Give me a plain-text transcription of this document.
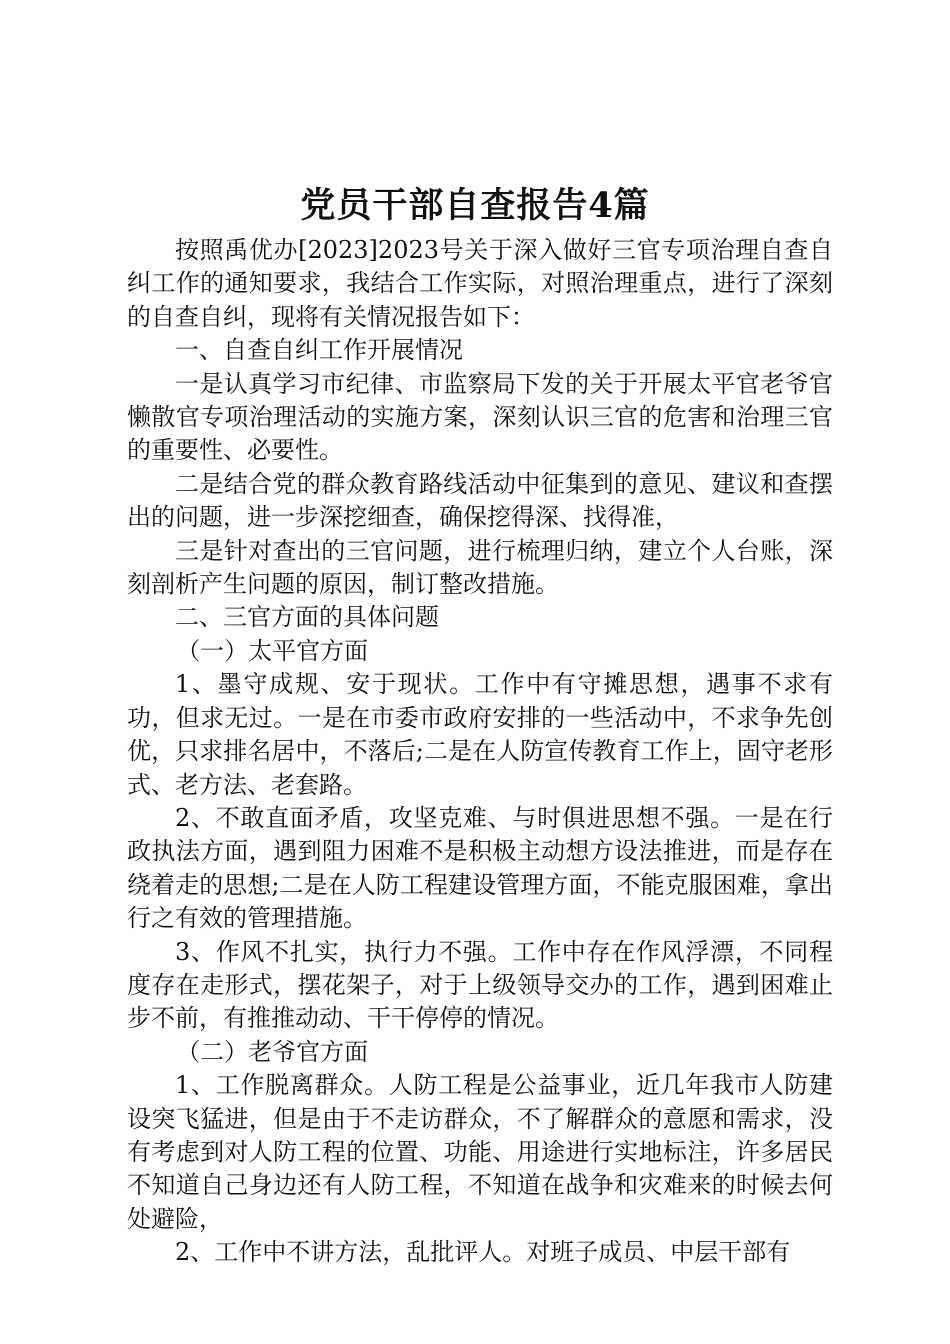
党员干部自查报告4篇

按照禹优办[2023]2023号关于深入做好三官专项治理自查自纠工作的通知要求，我结合工作实际，对照治理重点，进行了深刻的自查自纠，现将有关情况报告如下：

一、自查自纠工作开展情况

一是认真学习市纪律、市监察局下发的关于开展太平官老爷官懒散官专项治理活动的实施方案，深刻认识三官的危害和治理三官的重要性、必要性。

二是结合党的群众教育路线活动中征集到的意见、建议和查摆出的问题，进一步深挖细查，确保挖得深、找得准，

三是针对查出的三官问题，进行梳理归纳，建立个人台账，深刻剖析产生问题的原因，制订整改措施。

二、三官方面的具体问题

（一）太平官方面

1、墨守成规、安于现状。工作中有守摊思想，遇事不求有功，但求无过。一是在市委市政府安排的一些活动中，不求争先创优，只求排名居中，不落后;二是在人防宣传教育工作上，固守老形式、老方法、老套路。

2、不敢直面矛盾，攻坚克难、与时俱进思想不强。一是在行政执法方面，遇到阻力困难不是积极主动想方设法推进，而是存在绕着走的思想;二是在人防工程建设管理方面，不能克服困难，拿出行之有效的管理措施。

3、作风不扎实，执行力不强。工作中存在作风浮漂，不同程度存在走形式，摆花架子，对于上级领导交办的工作，遇到困难止步不前，有推推动动、干干停停的情况。

（二）老爷官方面

1、工作脱离群众。人防工程是公益事业，近几年我市人防建设突飞猛进，但是由于不走访群众，不了解群众的意愿和需求，没有考虑到对人防工程的位置、功能、用途进行实地标注，许多居民不知道自己身边还有人防工程，不知道在战争和灾难来的时候去何处避险，

2、工作中不讲方法，乱批评人。对班子成员、中层干部有
